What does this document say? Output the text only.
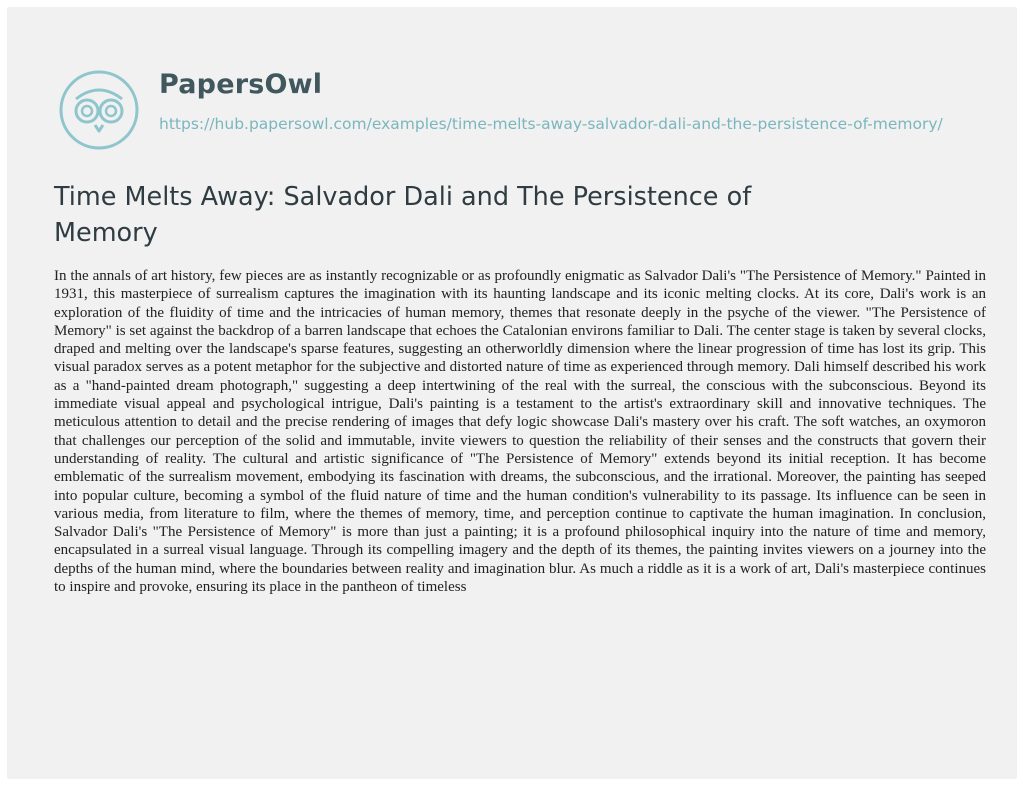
PapersOwl
https://hub.papersowl.com/examples/time-melts-away-salvador-dali-and-the-persistence-of-memory/
Time Melts Away: Salvador Dali and The Persistence of Memory

In the annals of art history, few pieces are as instantly recognizable or as profoundly enigmatic as Salvador Dali's "The Persistence of Memory." Painted in 1931, this masterpiece of surrealism captures the imagination with its haunting landscape and its iconic melting clocks. At its core, Dali's work is an exploration of the fluidity of time and the intricacies of human memory, themes that resonate deeply in the psyche of the viewer. "The Persistence of Memory" is set against the backdrop of a barren landscape that echoes the Catalonian environs familiar to Dali. The center stage is taken by several clocks, draped and melting over the landscape's sparse features, suggesting an otherworldly dimension where the linear progression of time has lost its grip. This visual paradox serves as a potent metaphor for the subjective and distorted nature of time as experienced through memory. Dali himself described his work as a "hand-painted dream photograph," suggesting a deep intertwining of the real with the surreal, the conscious with the subconscious. Beyond its immediate visual appeal and psychological intrigue, Dali's painting is a testament to the artist's extraordinary skill and innovative techniques. The meticulous attention to detail and the precise rendering of images that defy logic showcase Dali's mastery over his craft. The soft watches, an oxymoron that challenges our perception of the solid and immutable, invite viewers to question the reliability of their senses and the constructs that govern their understanding of reality. The cultural and artistic significance of "The Persistence of Memory" extends beyond its initial reception. It has become emblematic of the surrealism movement, embodying its fascination with dreams, the subconscious, and the irrational. Moreover, the painting has seeped into popular culture, becoming a symbol of the fluid nature of time and the human condition's vulnerability to its passage. Its influence can be seen in various media, from literature to film, where the themes of memory, time, and perception continue to captivate the human imagination. In conclusion, Salvador Dali's "The Persistence of Memory" is more than just a painting; it is a profound philosophical inquiry into the nature of time and memory, encapsulated in a surreal visual language. Through its compelling imagery and the depth of its themes, the painting invites viewers on a journey into the depths of the human mind, where the boundaries between reality and imagination blur. As much a riddle as it is a work of art, Dali's masterpiece continues to inspire and provoke, ensuring its place in the pantheon of timeless
